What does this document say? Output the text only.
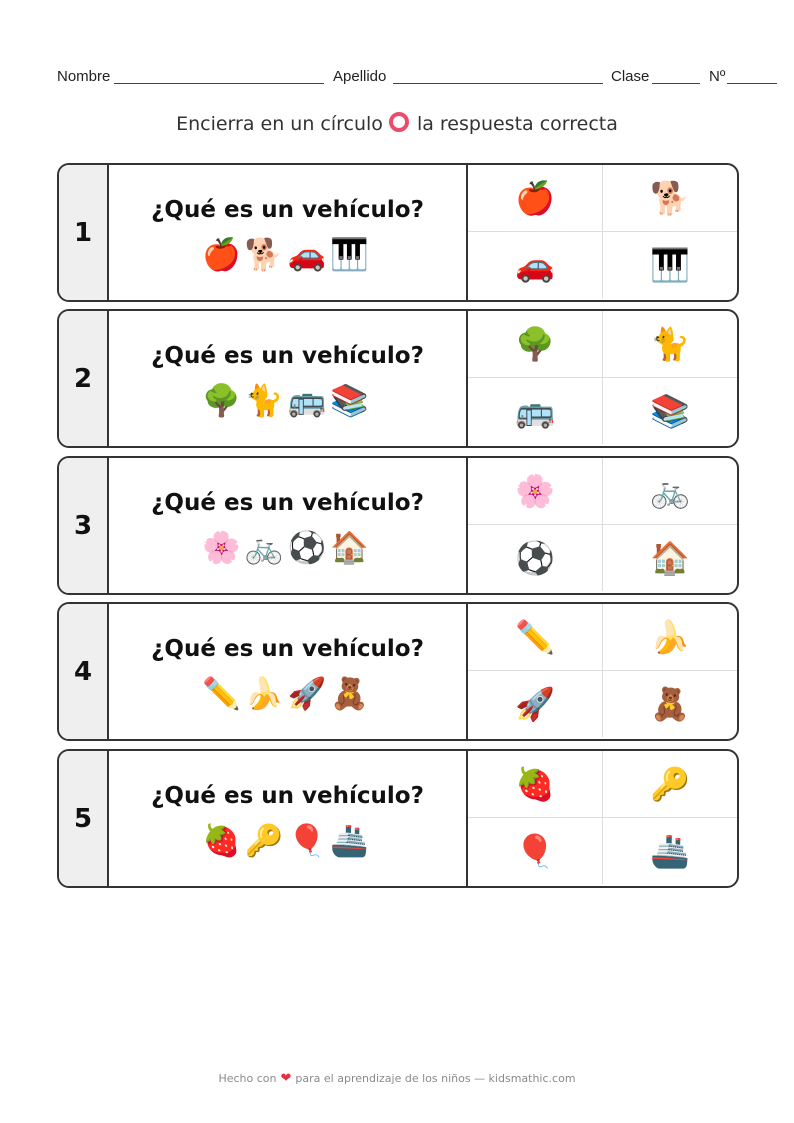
Nombre	Apellido	Clase	Nº
Encierra en un círculo la respuesta correcta
1
¿Qué es un vehículo?
🍎🐕🚗🎹
🍎	🐕
🚗	🎹
2
¿Qué es un vehículo?
🌳🐈🚌📚
🌳	🐈
🚌	📚
3
¿Qué es un vehículo?
🌸🚲⚽🏠
🌸	🚲
⚽	🏠
4
¿Qué es un vehículo?
✏️🍌🚀🧸
✏️	🍌
🚀	🧸
5
¿Qué es un vehículo?
🍓🔑🎈🚢
🍓	🔑
🎈	🚢
Hecho con ❤ para el aprendizaje de los niños — kidsmathic.com
